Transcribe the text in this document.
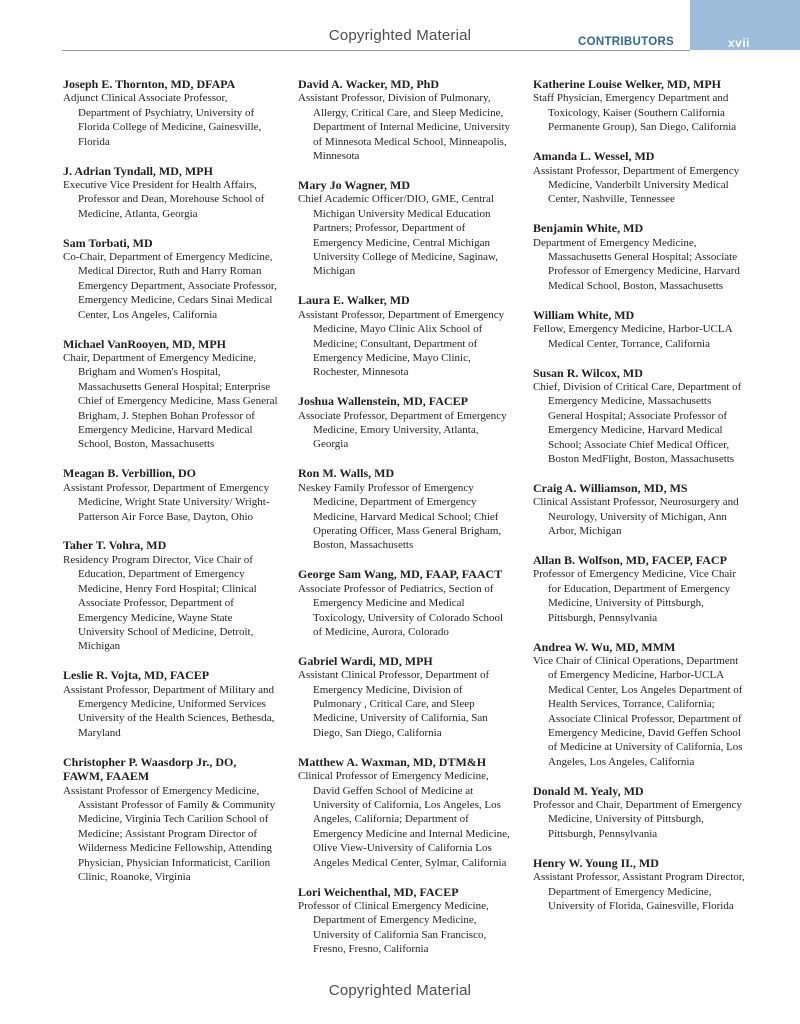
Copyrighted Material	CONTRIBUTORS	xvii
Joseph E. Thornton, MD, DFAPA
Adjunct Clinical Associate Professor, Department of Psychiatry, University of Florida College of Medicine, Gainesville, Florida
J. Adrian Tyndall, MD, MPH
Executive Vice President for Health Affairs, Professor and Dean, Morehouse School of Medicine, Atlanta, Georgia
Sam Torbati, MD
Co-Chair, Department of Emergency Medicine, Medical Director, Ruth and Harry Roman Emergency Department, Associate Professor, Emergency Medicine, Cedars Sinai Medical Center, Los Angeles, California
Michael VanRooyen, MD, MPH
Chair, Department of Emergency Medicine, Brigham and Women's Hospital, Massachusetts General Hospital; Enterprise Chief of Emergency Medicine, Mass General Brigham, J. Stephen Bohan Professor of Emergency Medicine, Harvard Medical School, Boston, Massachusetts
Meagan B. Verbillion, DO
Assistant Professor, Department of Emergency Medicine, Wright State University/ Wright-Patterson Air Force Base, Dayton, Ohio
Taher T. Vohra, MD
Residency Program Director, Vice Chair of Education, Department of Emergency Medicine, Henry Ford Hospital; Clinical Associate Professor, Department of Emergency Medicine, Wayne State University School of Medicine, Detroit, Michigan
Leslie R. Vojta, MD, FACEP
Assistant Professor, Department of Military and Emergency Medicine, Uniformed Services University of the Health Sciences, Bethesda, Maryland
Christopher P. Waasdorp Jr., DO, FAWM, FAAEM
Assistant Professor of Emergency Medicine, Assistant Professor of Family & Community Medicine, Virginia Tech Carilion School of Medicine; Assistant Program Director of Wilderness Medicine Fellowship, Attending Physician, Physician Informaticist, Carilion Clinic, Roanoke, Virginia
David A. Wacker, MD, PhD
Assistant Professor, Division of Pulmonary, Allergy, Critical Care, and Sleep Medicine, Department of Internal Medicine, University of Minnesota Medical School, Minneapolis, Minnesota
Mary Jo Wagner, MD
Chief Academic Officer/DIO, GME, Central Michigan University Medical Education Partners; Professor, Department of Emergency Medicine, Central Michigan University College of Medicine, Saginaw, Michigan
Laura E. Walker, MD
Assistant Professor, Department of Emergency Medicine, Mayo Clinic Alix School of Medicine; Consultant, Department of Emergency Medicine, Mayo Clinic, Rochester, Minnesota
Joshua Wallenstein, MD, FACEP
Associate Professor, Department of Emergency Medicine, Emory University, Atlanta, Georgia
Ron M. Walls, MD
Neskey Family Professor of Emergency Medicine, Department of Emergency Medicine, Harvard Medical School; Chief Operating Officer, Mass General Brigham, Boston, Massachusetts
George Sam Wang, MD, FAAP, FAACT
Associate Professor of Pediatrics, Section of Emergency Medicine and Medical Toxicology, University of Colorado School of Medicine, Aurora, Colorado
Gabriel Wardi, MD, MPH
Assistant Clinical Professor, Department of Emergency Medicine, Division of Pulmonary , Critical Care, and Sleep Medicine, University of California, San Diego, San Diego, California
Matthew A. Waxman, MD, DTM&H
Clinical Professor of Emergency Medicine, David Geffen School of Medicine at University of California, Los Angeles, Los Angeles, California; Department of Emergency Medicine and Internal Medicine, Olive View-University of California Los Angeles Medical Center, Sylmar, California
Lori Weichenthal, MD, FACEP
Professor of Clinical Emergency Medicine, Department of Emergency Medicine, University of California San Francisco, Fresno, Fresno, California
Katherine Louise Welker, MD, MPH
Staff Physician, Emergency Department and Toxicology, Kaiser (Southern California Permanente Group), San Diego, California
Amanda L. Wessel, MD
Assistant Professor, Department of Emergency Medicine, Vanderbilt University Medical Center, Nashville, Tennessee
Benjamin White, MD
Department of Emergency Medicine, Massachusetts General Hospital; Associate Professor of Emergency Medicine, Harvard Medical School, Boston, Massachusetts
William White, MD
Fellow, Emergency Medicine, Harbor-UCLA Medical Center, Torrance, California
Susan R. Wilcox, MD
Chief, Division of Critical Care, Department of Emergency Medicine, Massachusetts General Hospital; Associate Professor of Emergency Medicine, Harvard Medical School; Associate Chief Medical Officer, Boston MedFlight, Boston, Massachusetts
Craig A. Williamson, MD, MS
Clinical Assistant Professor, Neurosurgery and Neurology, University of Michigan, Ann Arbor, Michigan
Allan B. Wolfson, MD, FACEP, FACP
Professor of Emergency Medicine, Vice Chair for Education, Department of Emergency Medicine, University of Pittsburgh, Pittsburgh, Pennsylvania
Andrea W. Wu, MD, MMM
Vice Chair of Clinical Operations, Department of Emergency Medicine, Harbor-UCLA Medical Center, Los Angeles Department of Health Services, Torrance, California; Associate Clinical Professor, Department of Emergency Medicine, David Geffen School of Medicine at University of California, Los Angeles, Los Angeles, California
Donald M. Yealy, MD
Professor and Chair, Department of Emergency Medicine, University of Pittsburgh, Pittsburgh, Pennsylvania
Henry W. Young II., MD
Assistant Professor, Assistant Program Director, Department of Emergency Medicine, University of Florida, Gainesville, Florida
Copyrighted Material
